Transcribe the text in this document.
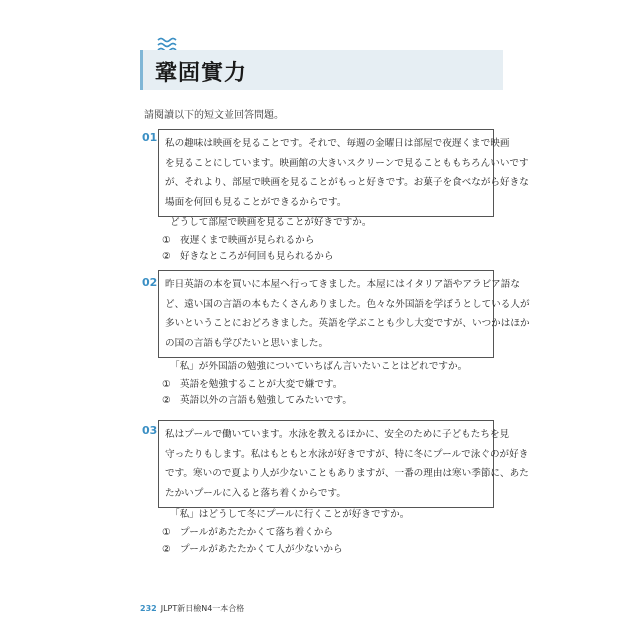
鞏固實力
請閱讀以下的短文並回答問題。
01 私の趣味は映画を見ることです。それで、毎週の金曜日は部屋で夜遅くまで映画

を見ることにしています。映画館の大きいスクリーンで見ることももちろんいいです

が、それより、部屋で映画を見ることがもっと好きです。お菓子を食べながら好きな

場面を何回も見ることができるからです。

どうして部屋で映画を見ることが好きですか。
① 夜遅くまで映画が見られるから
② 好きなところが何回も見られるから
02 昨日英語の本を買いに本屋へ行ってきました。本屋にはイタリア語やアラビア語な

ど、遠い国の言語の本もたくさんありました。色々な外国語を学ぼうとしている人が

多いということにおどろきました。英語を学ぶことも少し大変ですが、いつかはほか

の国の言語も学びたいと思いました。

「私」が外国語の勉強についていちばん言いたいことはどれですか。
① 英語を勉強することが大変で嫌です。
② 英語以外の言語も勉強してみたいです。
03 私はプールで働いています。水泳を教えるほかに、安全のために子どもたちを見

守ったりもします。私はもともと水泳が好きですが、特に冬にプールで泳ぐのが好き

です。寒いので夏より人が少ないこともありますが、一番の理由は寒い季節に、あた

たかいプールに入ると落ち着くからです。

「私」はどうして冬にプールに行くことが好きですか。
① プールがあたたかくて落ち着くから
② プールがあたたかくて人が少ないから
232 JLPT新日檢N4一本合格
